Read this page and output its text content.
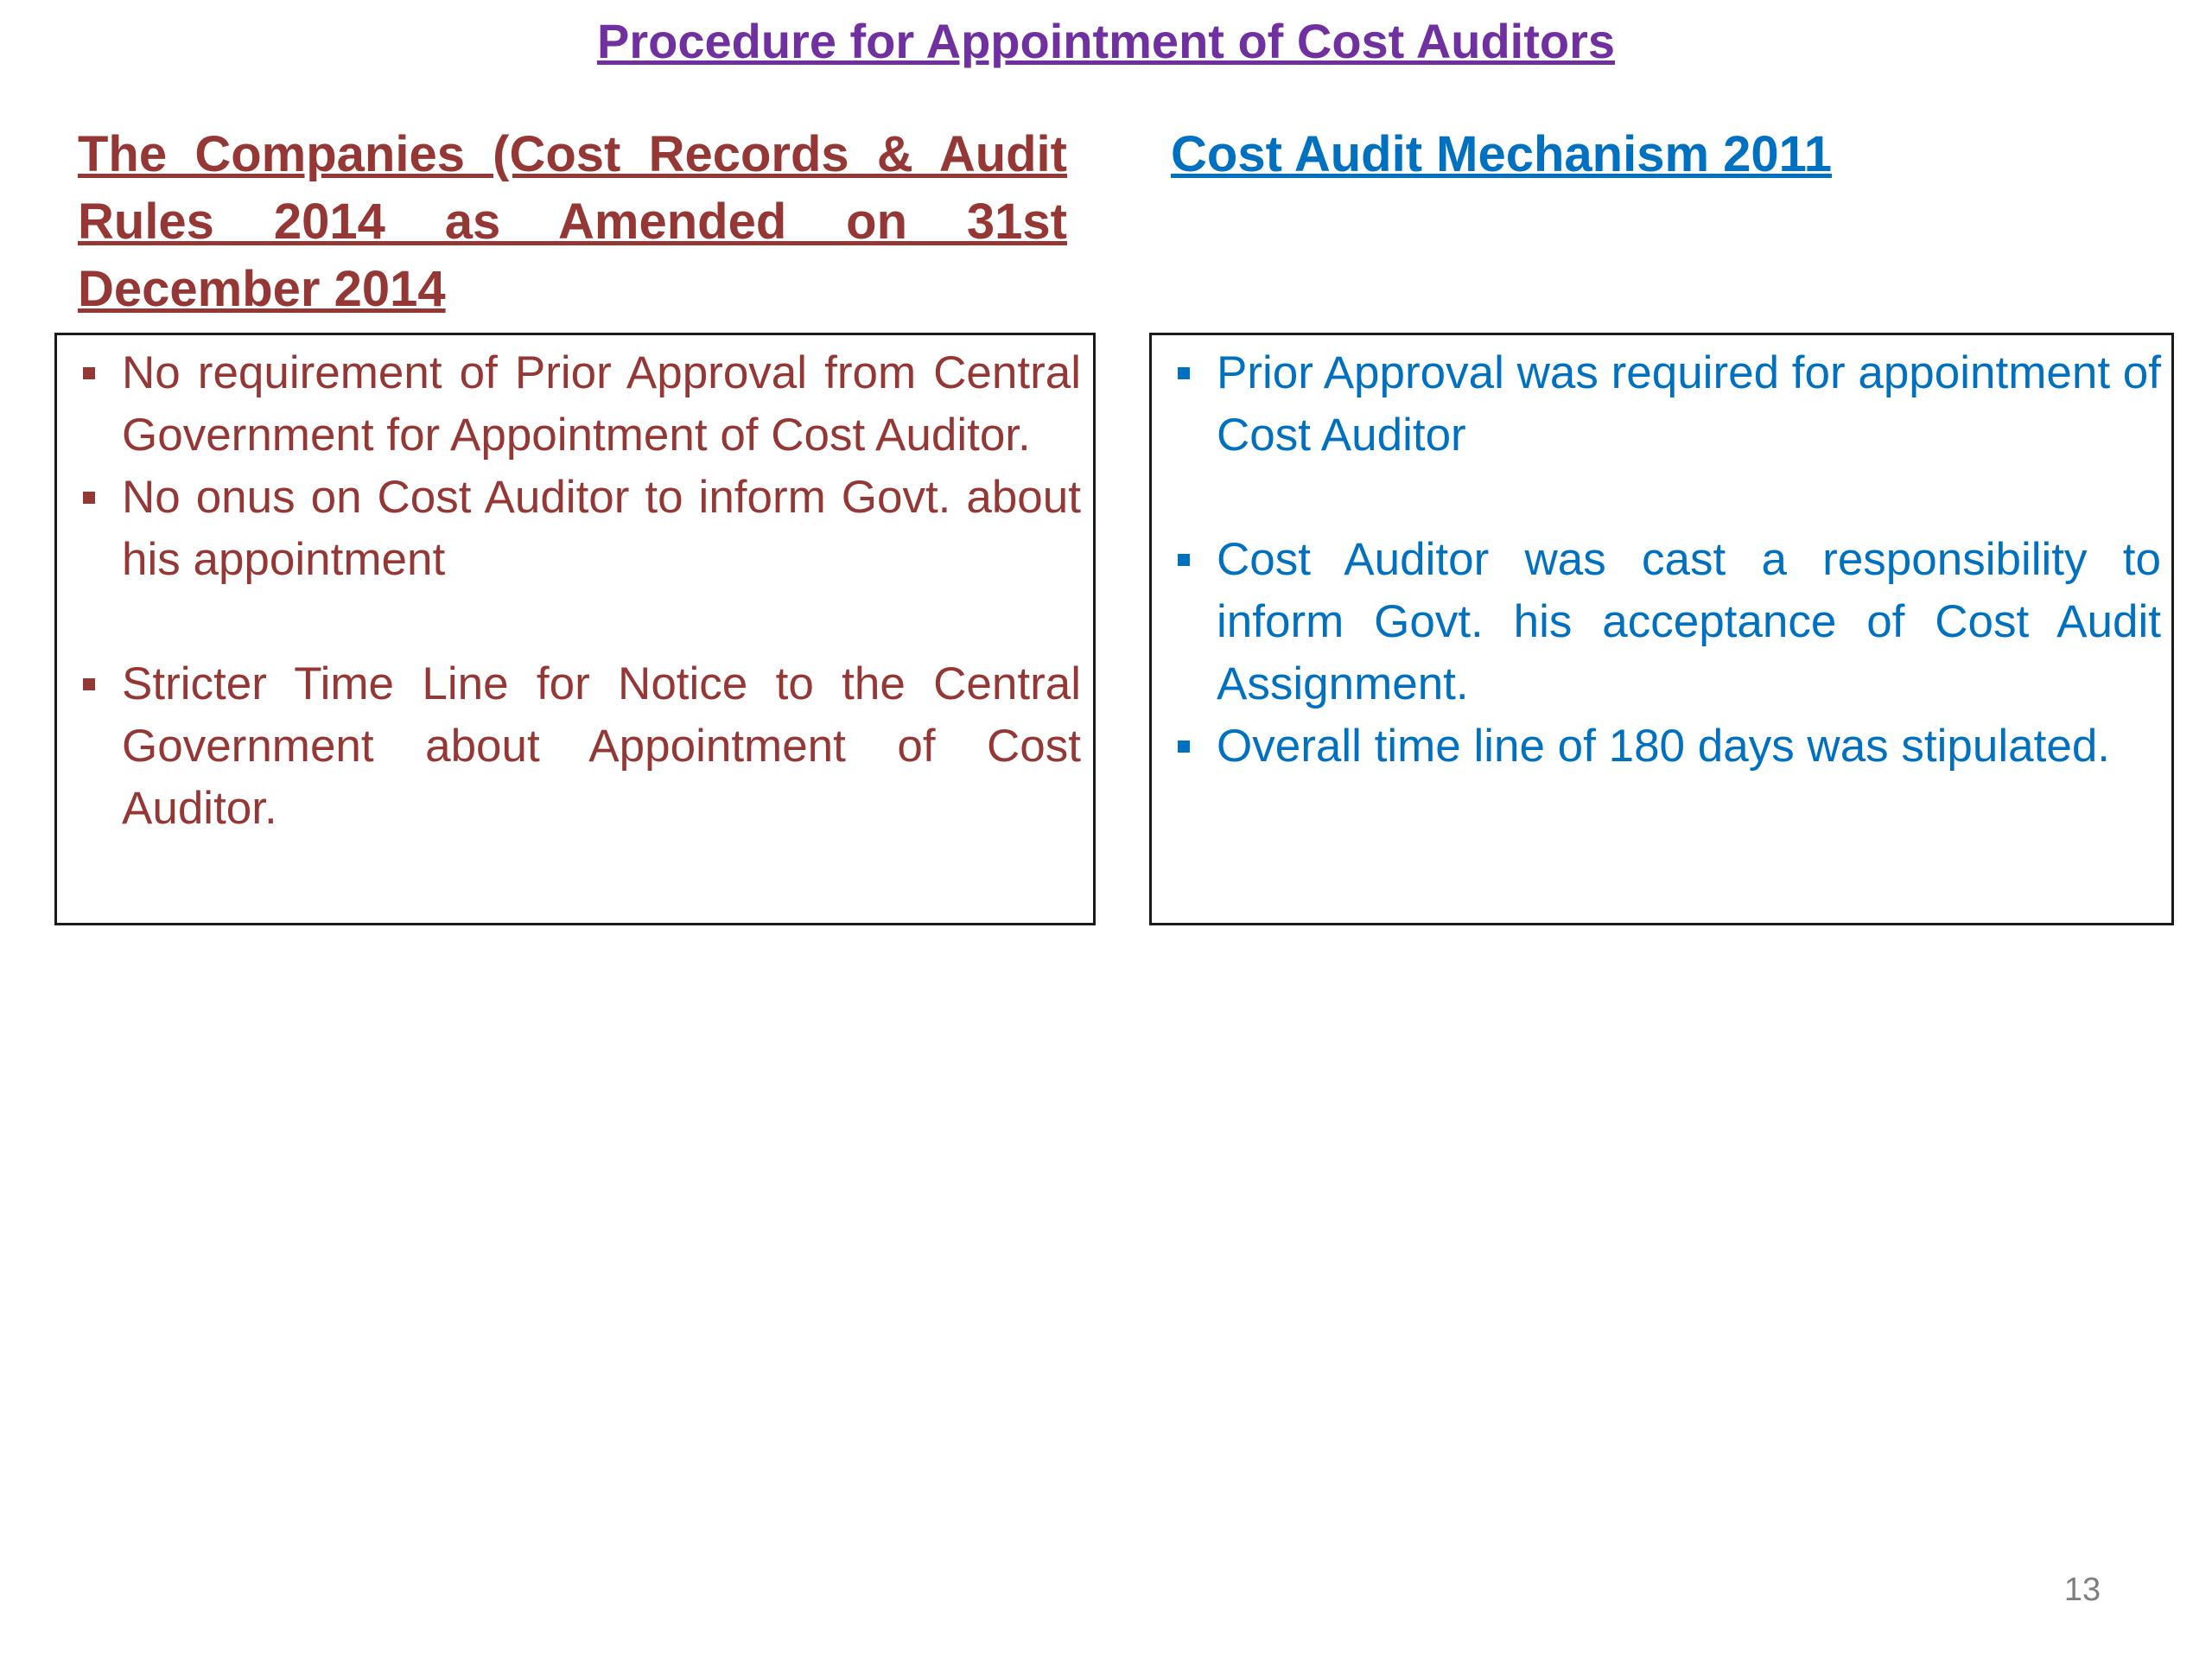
Procedure for Appointment of Cost Auditors
The Companies (Cost Records & Audit Rules 2014 as Amended on 31st December 2014
Cost Audit Mechanism 2011
No requirement of Prior Approval from Central Government for Appointment of Cost Auditor.
No onus on Cost Auditor to inform Govt. about his appointment
Stricter Time Line for Notice to the Central Government about Appointment of Cost Auditor.
Prior Approval was required for appointment of Cost Auditor
Cost Auditor was cast a responsibility to inform Govt. his acceptance of Cost Audit Assignment.
Overall time line of 180 days was stipulated.
13
